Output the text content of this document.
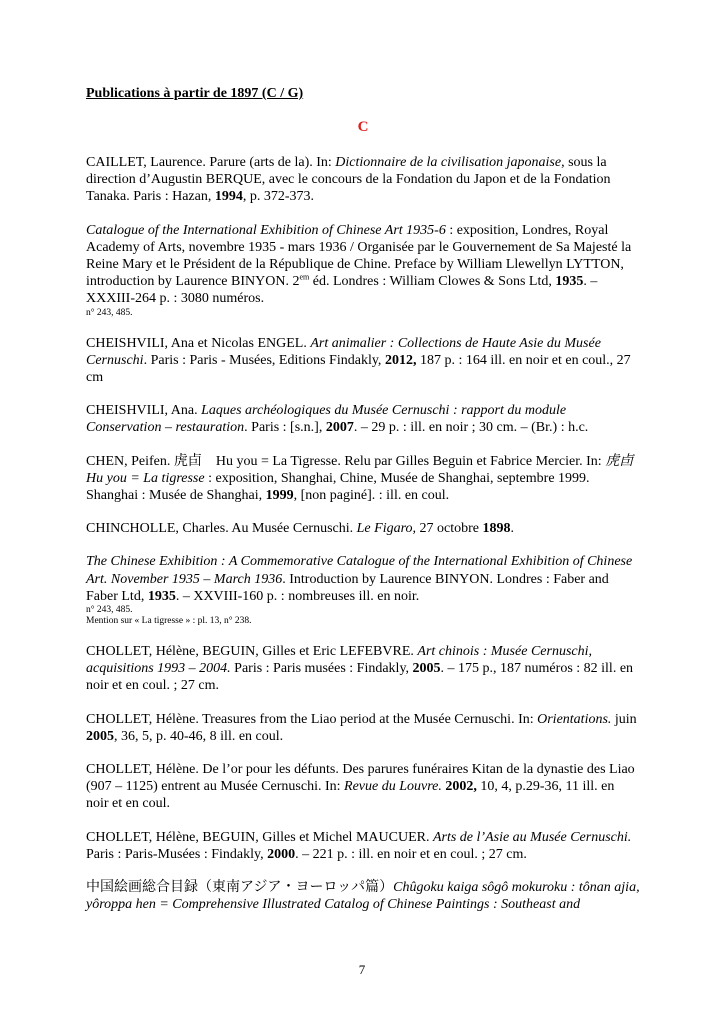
Publications à partir de 1897 (C / G)

C

CAILLET, Laurence. Parure (arts de la). In: Dictionnaire de la civilisation japonaise, sous la direction d’Augustin BERQUE, avec le concours de la Fondation du Japon et de la Fondation Tanaka. Paris : Hazan, 1994, p. 372-373.

Catalogue of the International Exhibition of Chinese Art 1935-6 : exposition, Londres, Royal Academy of Arts, novembre 1935 - mars 1936 / Organisée par le Gouvernement de Sa Majesté la Reine Mary et le Président de la République de Chine. Preface by William Llewellyn LYTTON, introduction by Laurence BINYON. $2^{em}$ éd. Londres : William Clowes & Sons Ltd, 1935. – XXXIII-264 p. : 3080 numéros.

n° 243, 485.

CHEISHVILI, Ana et Nicolas ENGEL. Art animalier : Collections de Haute Asie du Musée Cernuschi. Paris : Paris - Musées, Editions Findakly, 2012, 187 p. : 164 ill. en noir et en coul., 27 cm

CHEISHVILI, Ana. Laques archéologiques du Musée Cernuschi : rapport du module Conservation – restauration. Paris : [s.n.], 2007. – 29 p. : ill. en noir ; 30 cm. – (Br.) : h.c.

CHEN, Peifen. 虎卣　Hu you = La Tigresse. Relu par Gilles Beguin et Fabrice Mercier. In: 虎卣　Hu you = La tigresse : exposition, Shanghai, Chine, Musée de Shanghai, septembre 1999. Shanghai : Musée de Shanghai, 1999, [non paginé]. : ill. en coul.

CHINCHOLLE, Charles. Au Musée Cernuschi. Le Figaro, 27 octobre 1898.

The Chinese Exhibition : A Commemorative Catalogue of the International Exhibition of Chinese Art. November 1935 – March 1936. Introduction by Laurence BINYON. Londres : Faber and Faber Ltd, 1935. – XXVIII-160 p. : nombreuses ill. en noir.

n° 243, 485.

Mention sur « La tigresse » : pl. 13, n° 238.

CHOLLET, Hélène, BEGUIN, Gilles et Eric LEFEBVRE. Art chinois : Musée Cernuschi, acquisitions 1993 – 2004. Paris : Paris musées : Findakly, 2005. – 175 p., 187 numéros : 82 ill. en noir et en coul. ; 27 cm.

CHOLLET, Hélène. Treasures from the Liao period at the Musée Cernuschi. In: Orientations. juin 2005, 36, 5, p. 40-46, 8 ill. en coul.

CHOLLET, Hélène. De l’or pour les défunts. Des parures funéraires Kitan de la dynastie des Liao (907 – 1125) entrent au Musée Cernuschi. In: Revue du Louvre. 2002, 10, 4, p.29-36, 11 ill. en noir et en coul.

CHOLLET, Hélène, BEGUIN, Gilles et Michel MAUCUER. Arts de l’Asie au Musée Cernuschi. Paris : Paris-Musées : Findakly, 2000. – 221 p. : ill. en noir et en coul. ; 27 cm.

中国絵画総合目録（東南アジア・ヨーロッパ篇）Chûgoku kaiga sôgô mokuroku : tônan ajia, yôroppa hen = Comprehensive Illustrated Catalog of Chinese Paintings : Southeast and

7
